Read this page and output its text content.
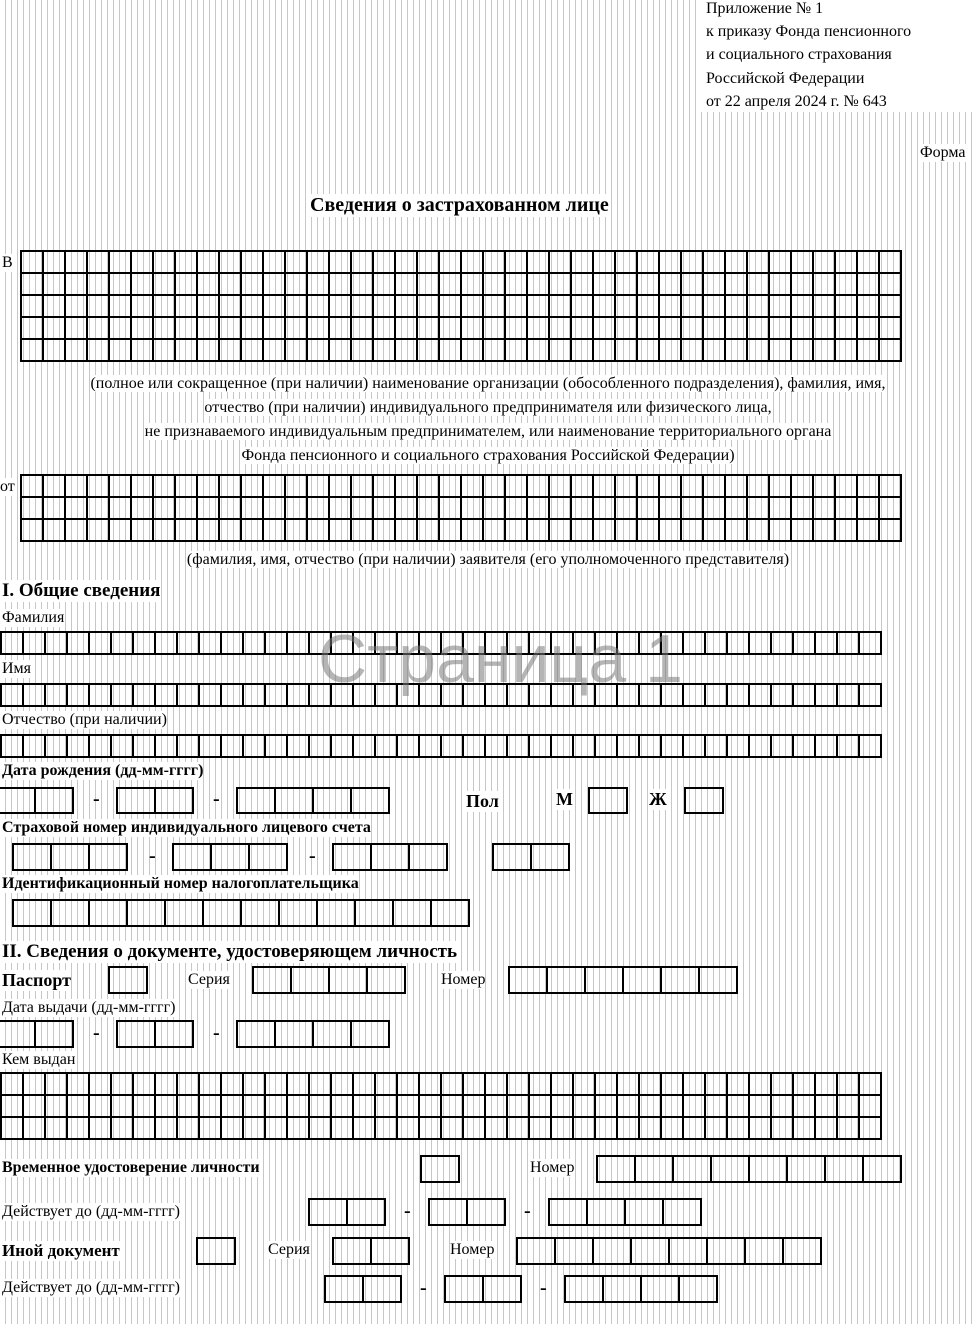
Приложение № 1
к приказу Фонда пенсионного
и социального страхования
Российской Федерации
от 22 апреля 2024 г. № 643
Форма
Сведения о застрахованном лице
В
(полное или сокращенное (при наличии) наименование организации (обособленного подразделения), фамилия, имя,
отчество (при наличии) индивидуального предпринимателя или физического лица,
не признаваемого индивидуальным предпринимателем, или наименование территориального органа
Фонда пенсионного и социального страхования Российской Федерации)
от
(фамилия, имя, отчество (при наличии) заявителя (его уполномоченного представителя)
I. Общие сведения
Фамилия
Имя
Отчество (при наличии)
Дата рождения (дд-мм-гггг)
-	-	Пол	М	Ж
Страховой номер индивидуального лицевого счета
-	-
Идентификационный номер налогоплательщика
II. Сведения о документе, удостоверяющем личность
Паспорт	Серия	Номер
Дата выдачи (дд-мм-гггг)
-	-
Кем выдан
Временное удостоверение личности	Номер
Действует до (дд-мм-гггг)	-	-
Иной документ	Серия	Номер
Действует до (дд-мм-гггг)	-	-
Страница 1
